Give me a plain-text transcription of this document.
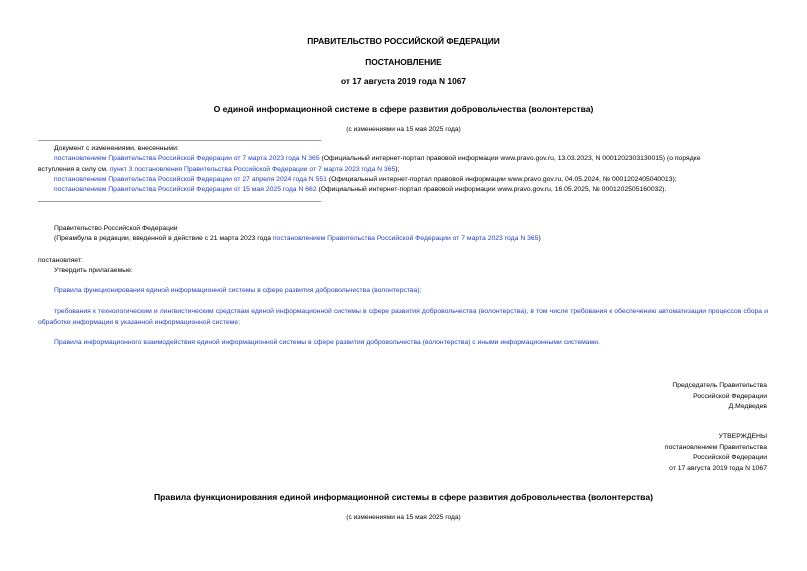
ПРАВИТЕЛЬСТВО РОССИЙСКОЙ ФЕДЕРАЦИИ
ПОСТАНОВЛЕНИЕ
от 17 августа 2019 года N 1067
О единой информационной системе в сфере развития добровольчества (волонтерства)
(с изменениями на 15 мая 2025 года)
Документ с изменениями, внесенными:
постановлением Правительства Российской Федерации от 7 марта 2023 года N 365 (Официальный интернет-портал правовой информации www.pravo.gov.ru, 13.03.2023, N 0001202303130015) (о порядке
вступления в силу см. пункт 3 постановления Правительства Российской Федерации от 7 марта 2023 года N 365);
постановлением Правительства Российской Федерации от 27 апреля 2024 года N 551 (Официальный интернет-портал правовой информации www.pravo.gov.ru, 04.05.2024, № 0001202405040013);
постановлением Правительства Российской Федерации от 15 мая 2025 года N 662 (Официальный интернет-портал правовой информации www.pravo.gov.ru, 16.05.2025, № 0001202505160032).
Правительство Российской Федерации
(Преамбула в редакции, введенной в действие с 21 марта 2023 года постановлением Правительства Российской Федерации от 7 марта 2023 года N 365)
постановляет:
Утвердить прилагаемые:
Правила функционирования единой информационной системы в сфере развития добровольчества (волонтерства);
требования к технологическим и лингвистическим средствам единой информационной системы в сфере развития добровольчества (волонтерства), в том числе требования к обеспечению автоматизации процессов сбора и обработки информации в указанной информационной системе;
Правила информационного взаимодействия единой информационной системы в сфере развития добровольчества (волонтерства) с иными информационными системами.
Председатель Правительства
Российской Федерации
Д.Медведев
УТВЕРЖДЕНЫ
постановлением Правительства
Российской Федерации
от 17 августа 2019 года N 1067
Правила функционирования единой информационной системы в сфере развития добровольчества (волонтерства)
(с изменениями на 15 мая 2025 года)
